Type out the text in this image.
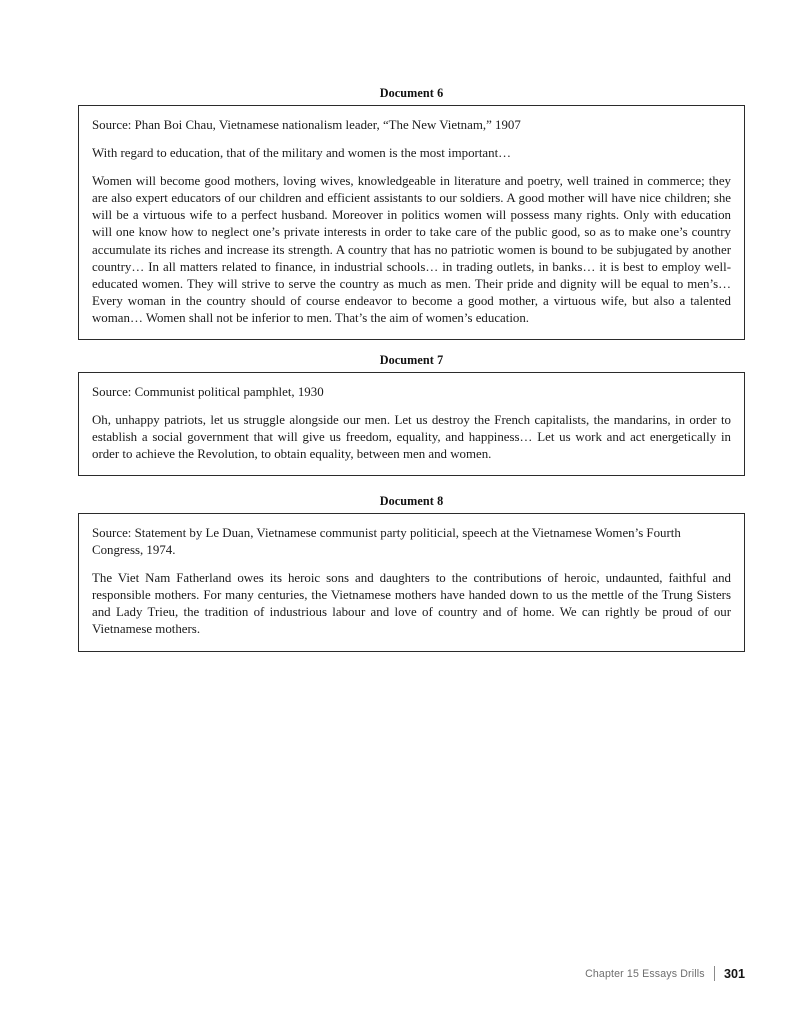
Document 6

Source: Phan Boi Chau, Vietnamese nationalism leader, “The New Vietnam,” 1907

With regard to education, that of the military and women is the most important…

Women will become good mothers, loving wives, knowledgeable in literature and poetry, well trained in commerce; they are also expert educators of our children and efficient assistants to our soldiers. A good mother will have nice children; she will be a virtuous wife to a perfect husband. Moreover in politics women will possess many rights. Only with education will one know how to neglect one’s private interests in order to take care of the public good, so as to make one’s country accumulate its riches and increase its strength. A country that has no patriotic women is bound to be subjugated by another country… In all matters related to finance, in industrial schools… in trading outlets, in banks… it is best to employ well-educated women. They will strive to serve the country as much as men. Their pride and dignity will be equal to men’s… Every woman in the country should of course endeavor to become a good mother, a virtuous wife, but also a talented woman… Women shall not be inferior to men. That’s the aim of women’s education.

Document 7

Source: Communist political pamphlet, 1930

Oh, unhappy patriots, let us struggle alongside our men. Let us destroy the French capitalists, the mandarins, in order to establish a social government that will give us freedom, equality, and happiness… Let us work and act energetically in order to achieve the Revolution, to obtain equality, between men and women.

Document 8

Source: Statement by Le Duan, Vietnamese communist party politicial, speech at the Vietnamese Women’s Fourth Congress, 1974.

The Viet Nam Fatherland owes its heroic sons and daughters to the contributions of heroic, undaunted, faithful and responsible mothers. For many centuries, the Vietnamese mothers have handed down to us the mettle of the Trung Sisters and Lady Trieu, the tradition of industrious labour and love of country and of home. We can rightly be proud of our Vietnamese mothers.

Chapter 15 Essays Drills 301
